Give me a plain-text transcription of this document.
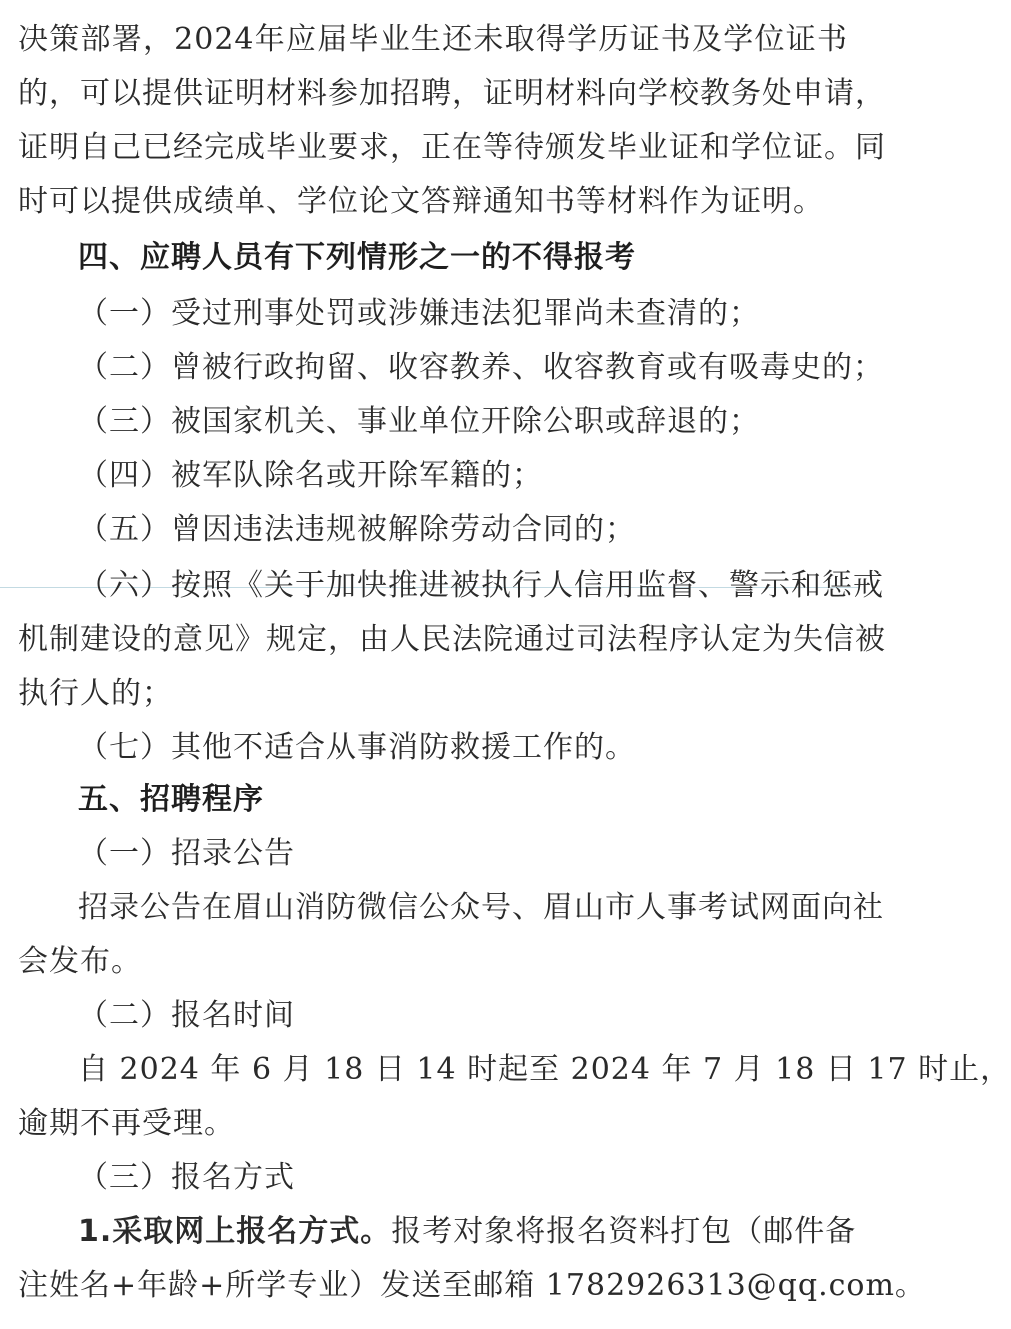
决策部署，2024年应届毕业生还未取得学历证书及学位证书
的，可以提供证明材料参加招聘，证明材料向学校教务处申请，
证明自己已经完成毕业要求，正在等待颁发毕业证和学位证。同
时可以提供成绩单、学位论文答辩通知书等材料作为证明。
四、应聘人员有下列情形之一的不得报考
（一）受过刑事处罚或涉嫌违法犯罪尚未查清的；
（二）曾被行政拘留、收容教养、收容教育或有吸毒史的；
（三）被国家机关、事业单位开除公职或辞退的；
（四）被军队除名或开除军籍的；
（五）曾因违法违规被解除劳动合同的；
（六）按照《关于加快推进被执行人信用监督、警示和惩戒
机制建设的意见》规定，由人民法院通过司法程序认定为失信被
执行人的；
（七）其他不适合从事消防救援工作的。
五、招聘程序
（一）招录公告
招录公告在眉山消防微信公众号、眉山市人事考试网面向社
会发布。
（二）报名时间
自 2024 年 6 月 18 日 14 时起至 2024 年 7 月 18 日 17 时止，
逾期不再受理。
（三）报名方式
1.采取网上报名方式。报考对象将报名资料打包（邮件备
注姓名+年龄+所学专业）发送至邮箱 1782926313@qq.com。
